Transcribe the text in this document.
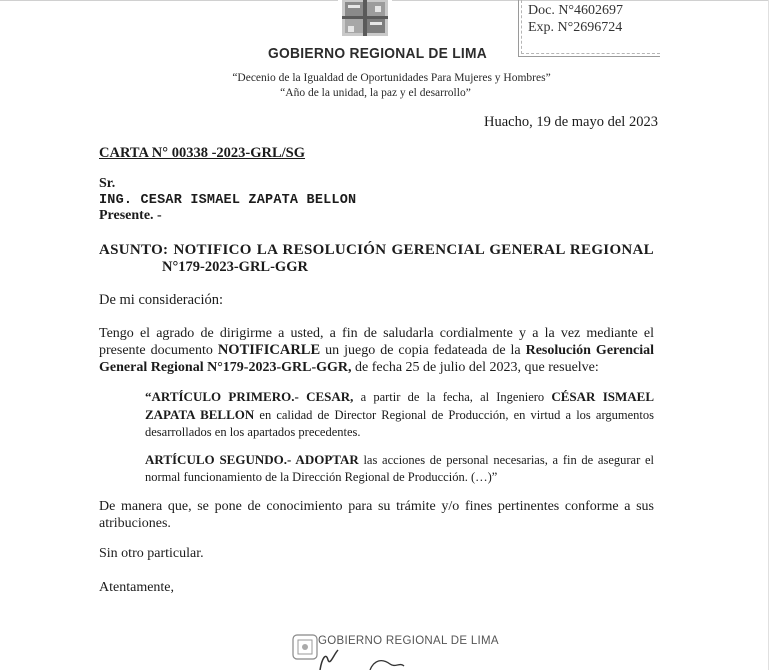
GOBIERNO REGIONAL DE LIMA
“Decenio de la Igualdad de Oportunidades Para Mujeres y Hombres”
“Año de la unidad, la paz y el desarrollo”
Doc. N°4602697
Exp. N°2696724
Huacho, 19 de mayo del 2023
CARTA N° 00338 -2023-GRL/SG
Sr.
ING. CESAR ISMAEL ZAPATA BELLON
Presente. -
ASUNTO: NOTIFICO LA RESOLUCIÓN GERENCIAL GENERAL REGIONAL
N°179-2023-GRL-GGR
De mi consideración:
Tengo el agrado de dirigirme a usted, a fin de saludarla cordialmente y a la vez mediante el presente documento NOTIFICARLE un juego de copia fedateada de la Resolución Gerencial General Regional N°179-2023-GRL-GGR, de fecha 25 de julio del 2023, que resuelve:
“ARTÍCULO PRIMERO.- CESAR, a partir de la fecha, al Ingeniero CÉSAR ISMAEL ZAPATA BELLON en calidad de Director Regional de Producción, en virtud a los argumentos desarrollados en los apartados precedentes.
ARTÍCULO SEGUNDO.- ADOPTAR las acciones de personal necesarias, a fin de asegurar el normal funcionamiento de la Dirección Regional de Producción. (…)”
De manera que, se pone de conocimiento para su trámite y/o fines pertinentes conforme a sus atribuciones.
Sin otro particular.
Atentamente,
GOBIERNO REGIONAL DE LIMA
